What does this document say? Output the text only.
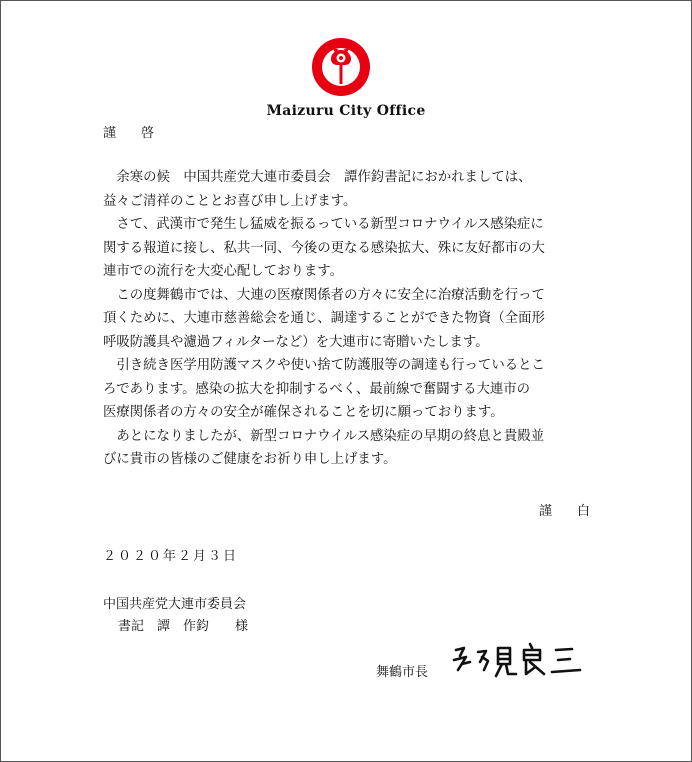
Maizuru City Office
謹　啓
　余寒の候　中国共産党大連市委員会　譚作鈞書記におかれましては、
益々ご清祥のこととお喜び申し上げます。
　さて、武漢市で発生し猛威を振るっている新型コロナウイルス感染症に
関する報道に接し、私共一同、今後の更なる感染拡大、殊に友好都市の大
連市での流行を大変心配しております。
　この度舞鶴市では、大連の医療関係者の方々に安全に治療活動を行って
頂くために、大連市慈善総会を通じ、調達することができた物資（全面形
呼吸防護具や濾過フィルターなど）を大連市に寄贈いたします。
　引き続き医学用防護マスクや使い捨て防護服等の調達も行っているとこ
ろであります。感染の拡大を抑制するべく、最前線で奮闘する大連市の
医療関係者の方々の安全が確保されることを切に願っております。
　あとになりましたが、新型コロナウイルス感染症の早期の終息と貴殿並
びに貴市の皆様のご健康をお祈り申し上げます。
謹　白
２０２０年２月３日
中国共産党大連市委員会
書記　譚　作鈞　　様
舞鶴市長
